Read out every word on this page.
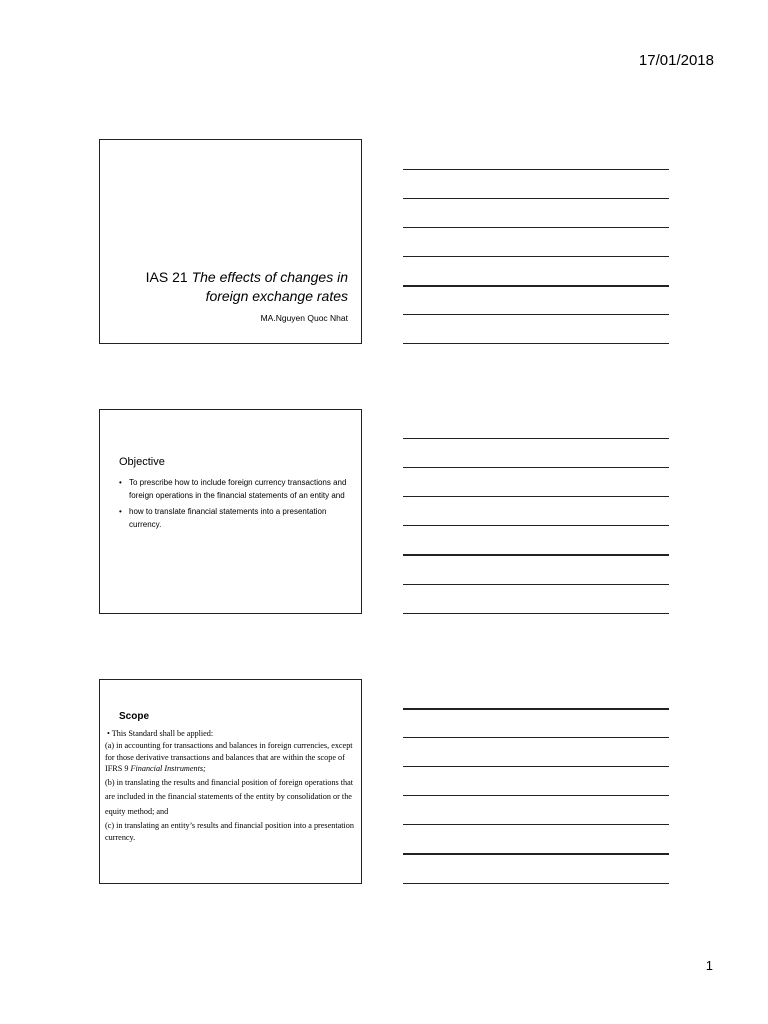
17/01/2018
IAS 21 The effects of changes in
foreign exchange rates
MA.Nguyen Quoc Nhat
Objective
• To prescribe how to include foreign currency transactions and foreign operations in the financial statements of an entity and
• how to translate financial statements into a presentation currency.
Scope

• This Standard shall be applied:

(a) in accounting for transactions and balances in foreign currencies, except for those derivative transactions and balances that are within the scope of IFRS 9 Financial Instruments;

(b) in translating the results and financial position of foreign operations that are included in the financial statements of the entity by consolidation or the equity method; and

(c) in translating an entity’s results and financial position into a presentation currency.

1
